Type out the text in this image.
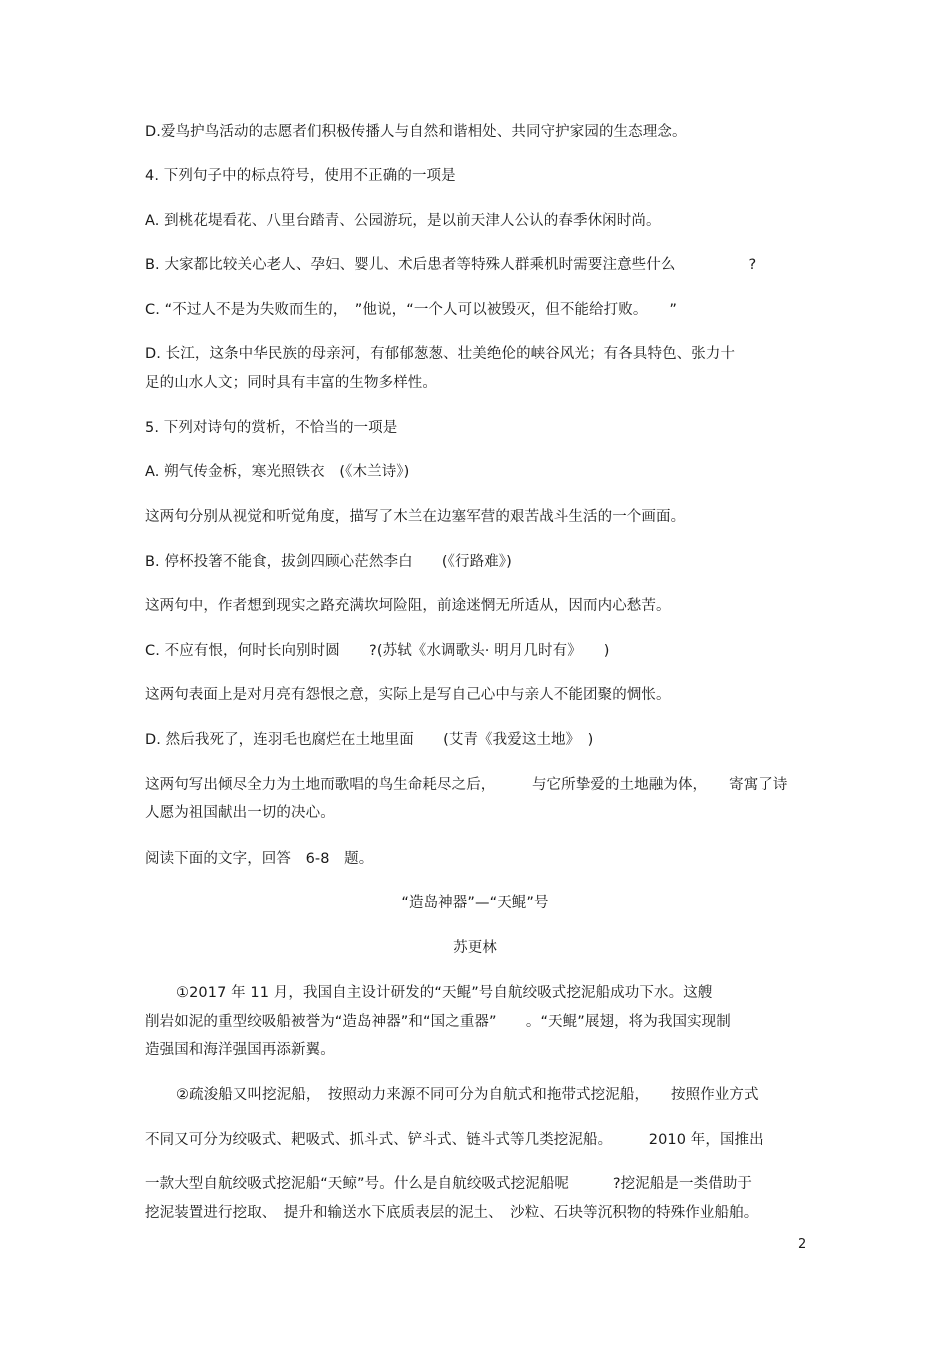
D.爱鸟护鸟活动的志愿者们积极传播人与自然和谐相处、共同守护家园的生态理念。

4. 下列句子中的标点符号，使用不正确的一项是

A. 到桃花堤看花、八里台踏青、公园游玩，是以前天津人公认的春季休闲时尚。

B. 大家都比较关心老人、孕妇、婴儿、术后患者等特殊人群乘机时需要注意些什么　　　　　?

C. “不过人不是为失败而生的，　”他说，“一个人可以被毁灭，但不能给打败。　　”

D. 长江，这条中华民族的母亲河，有郁郁葱葱、壮美绝伦的峡谷风光；有各具特色、张力十

足的山水人文；同时具有丰富的生物多样性。

5. 下列对诗句的赏析，不恰当的一项是

A. 朔气传金柝，寒光照铁衣　(《木兰诗》)

这两句分别从视觉和听觉角度，描写了木兰在边塞军营的艰苦战斗生活的一个画面。

B. 停杯投箸不能食，拔剑四顾心茫然李白　　(《行路难》)

这两句中，作者想到现实之路充满坎坷险阻，前途迷惘无所适从，因而内心愁苦。

C. 不应有恨，何时长向别时圆　　?(苏轼《水调歌头· 明月几时有》　　)

这两句表面上是对月亮有怨恨之意，实际上是写自己心中与亲人不能团聚的惆怅。

D. 然后我死了，连羽毛也腐烂在土地里面　　(艾青《我爱这土地》　)

这两句写出倾尽全力为土地而歌唱的鸟生命耗尽之后，　　　与它所挚爱的土地融为体，　　寄寓了诗

人愿为祖国献出一切的决心。

阅读下面的文字，回答　6-8　题。

“造岛神器”—“天鲲”号

苏更林

①2017 年 11 月，我国自主设计研发的“天鲲”号自航绞吸式挖泥船成功下水。这艘

削岩如泥的重型绞吸船被誉为“造岛神器”和“国之重器”　　。“天鲲”展翅，将为我国实现制

造强国和海洋强国再添新翼。

②疏浚船又叫挖泥船，　按照动力来源不同可分为自航式和拖带式挖泥船，　　按照作业方式

不同又可分为绞吸式、耙吸式、抓斗式、铲斗式、链斗式等几类挖泥船。　　　2010 年，国推出

一款大型自航绞吸式挖泥船“天鲸”号。什么是自航绞吸式挖泥船呢　　　?挖泥船是一类借助于

挖泥装置进行挖取、　提升和输送水下底质表层的泥土、　沙粒、石块等沉积物的特殊作业船舶。

2
